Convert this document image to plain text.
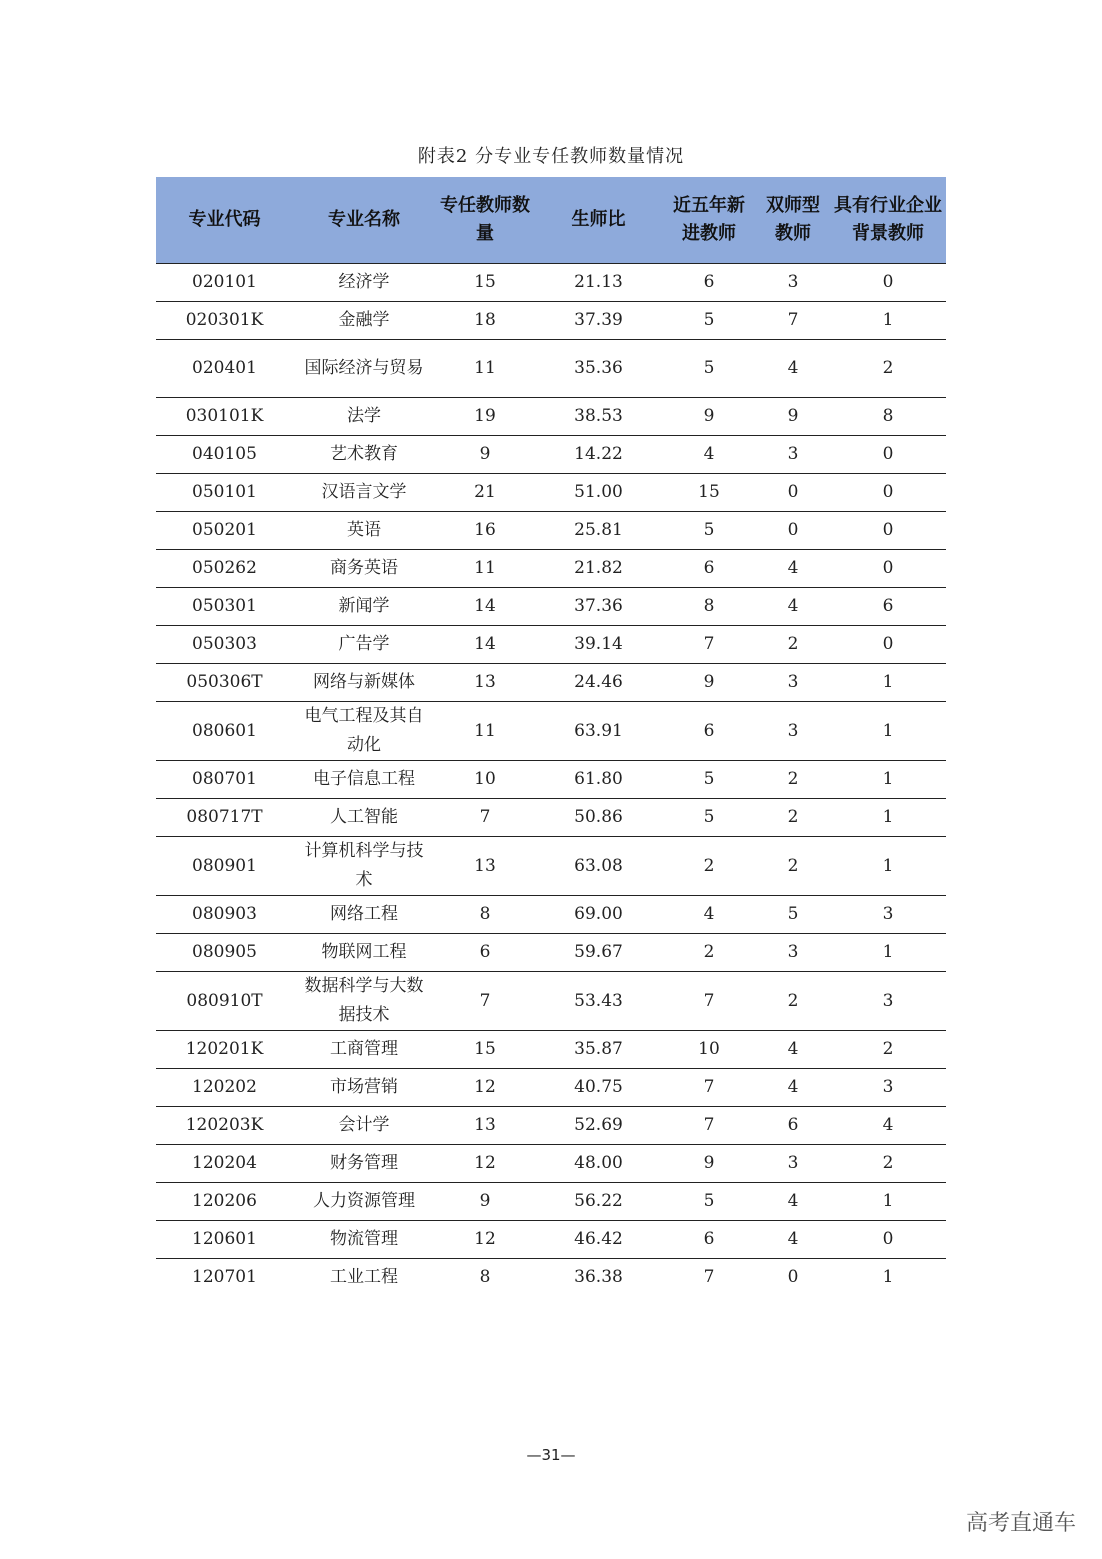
附表2 分专业专任教师数量情况
专业代码	专业名称	专任教师数量	生师比	近五年新进教师	双师型教师	具有行业企业背景教师
020101	经济学	15	21.13	6	3	0
020301K	金融学	18	37.39	5	7	1
020401	国际经济与贸易	11	35.36	5	4	2
030101K	法学	19	38.53	9	9	8
040105	艺术教育	9	14.22	4	3	0
050101	汉语言文学	21	51.00	15	0	0
050201	英语	16	25.81	5	0	0
050262	商务英语	11	21.82	6	4	0
050301	新闻学	14	37.36	8	4	6
050303	广告学	14	39.14	7	2	0
050306T	网络与新媒体	13	24.46	9	3	1
080601	电气工程及其自动化	11	63.91	6	3	1
080701	电子信息工程	10	61.80	5	2	1
080717T	人工智能	7	50.86	5	2	1
080901	计算机科学与技术	13	63.08	2	2	1
080903	网络工程	8	69.00	4	5	3
080905	物联网工程	6	59.67	2	3	1
080910T	数据科学与大数据技术	7	53.43	7	2	3
120201K	工商管理	15	35.87	10	4	2
120202	市场营销	12	40.75	7	4	3
120203K	会计学	13	52.69	7	6	4
120204	财务管理	12	48.00	9	3	2
120206	人力资源管理	9	56.22	5	4	1
120601	物流管理	12	46.42	6	4	0
120701	工业工程	8	36.38	7	0	1
—31—
高考直通车
